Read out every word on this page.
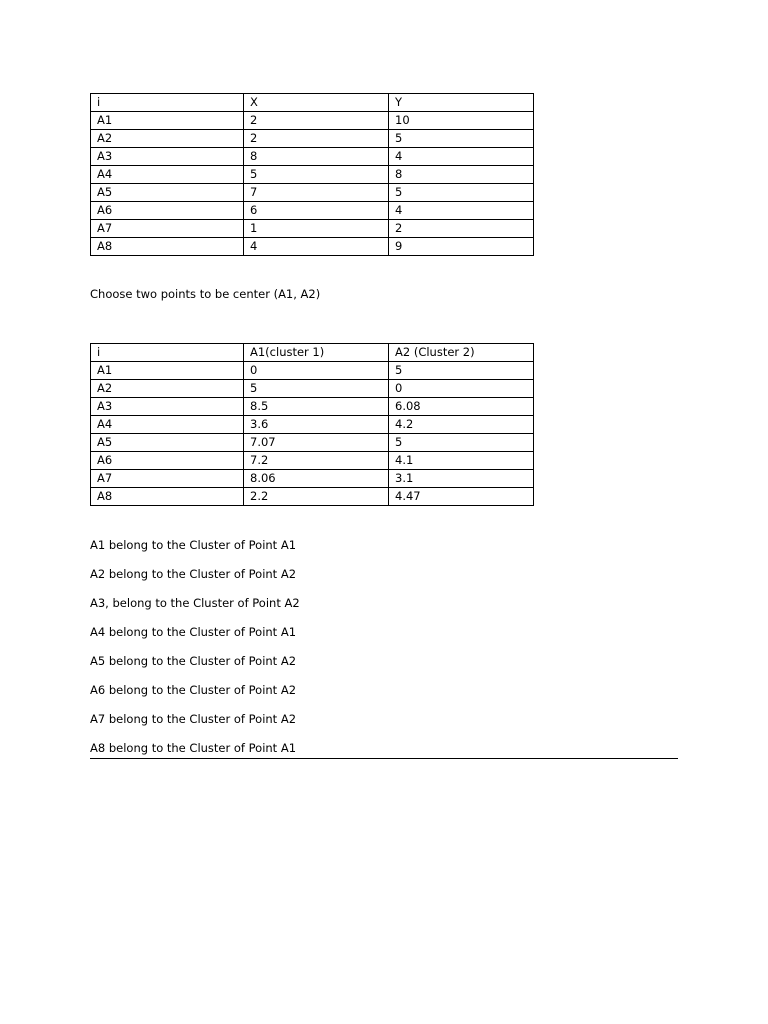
i	X	Y
A1	2	10
A2	2	5
A3	8	4
A4	5	8
A5	7	5
A6	6	4
A7	1	2
A8	4	9

Choose two points to be center (A1, A2)

i	A1(cluster 1)	A2 (Cluster 2)
A1	0	5
A2	5	0
A3	8.5	6.08
A4	3.6	4.2
A5	7.07	5
A6	7.2	4.1
A7	8.06	3.1
A8	2.2	4.47
A1 belong to the Cluster of Point A1
A2 belong to the Cluster of Point A2
A3, belong to the Cluster of Point A2
A4 belong to the Cluster of Point A1
A5 belong to the Cluster of Point A2
A6 belong to the Cluster of Point A2
A7 belong to the Cluster of Point A2
A8 belong to the Cluster of Point A1
